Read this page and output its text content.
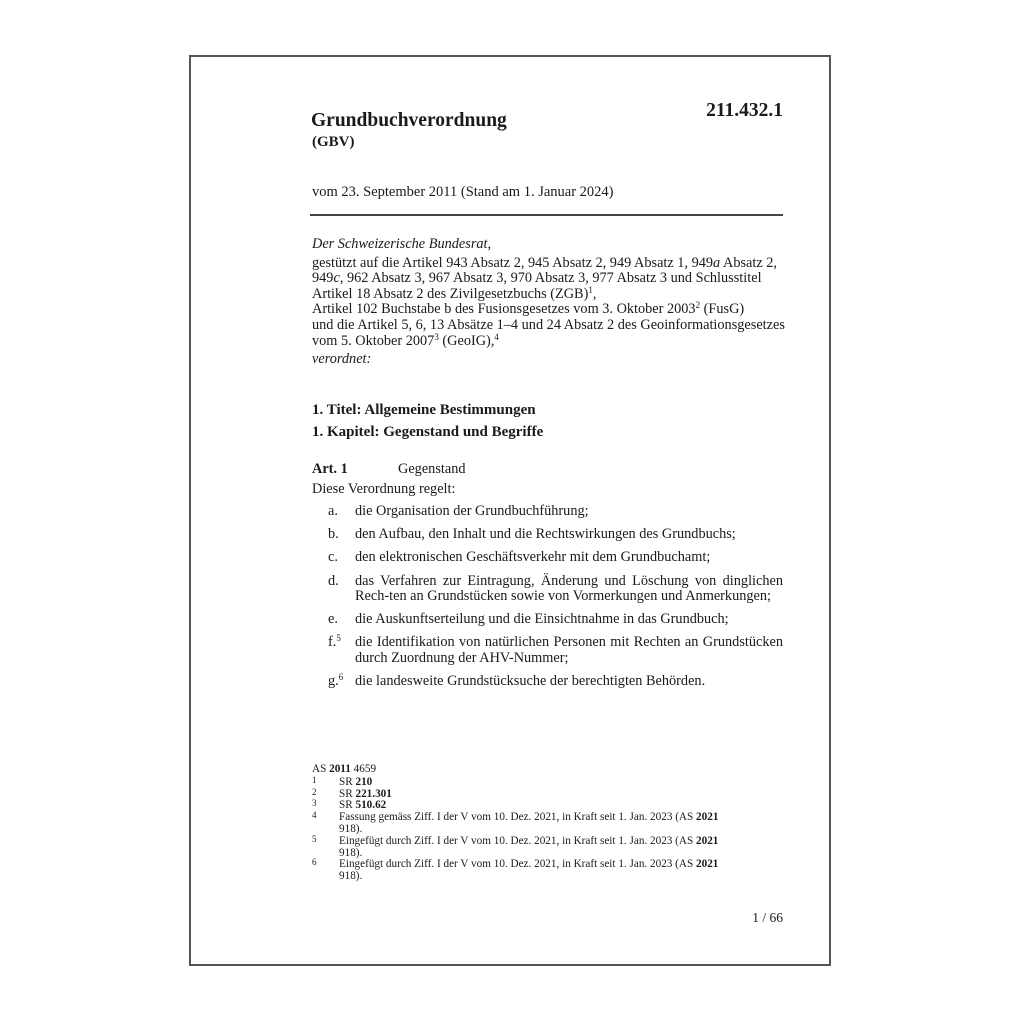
Grundbuchverordnung
(GBV)
211.432.1
vom 23. September 2011 (Stand am 1. Januar 2024)
Der Schweizerische Bundesrat,
gestützt auf die Artikel 943 Absatz 2, 945 Absatz 2, 949 Absatz 1, 949a Absatz 2,
949c, 962 Absatz 3, 967 Absatz 3, 970 Absatz 3, 977 Absatz 3 und Schlusstitel
Artikel 18 Absatz 2 des Zivilgesetzbuchs (ZGB)$^1$,
Artikel 102 Buchstabe b des Fusionsgesetzes vom 3. Oktober 2003$^2$ (FusG)
und die Artikel 5, 6, 13 Absätze 1–4 und 24 Absatz 2 des Geoinformationsgesetzes
vom 5. Oktober 2007$^3$ (GeoIG),$^4$
verordnet:
1. Titel: Allgemeine Bestimmungen
1. Kapitel: Gegenstand und Begriffe
Art. 1	Gegenstand
Diese Verordnung regelt:
a. die Organisation der Grundbuchführung;
b. den Aufbau, den Inhalt und die Rechtswirkungen des Grundbuchs;
c. den elektronischen Geschäftsverkehr mit dem Grundbuchamt;
d. das Verfahren zur Eintragung, Änderung und Löschung von dinglichen Rech-ten an Grundstücken sowie von Vormerkungen und Anmerkungen;
e. die Auskunftserteilung und die Einsichtnahme in das Grundbuch;
f.$^5$ die Identifikation von natürlichen Personen mit Rechten an Grundstücken durch Zuordnung der AHV-Nummer;
g.$^6$ die landesweite Grundstücksuche der berechtigten Behörden.
AS 2011 4659
1 SR 210
2 SR 221.301
3 SR 510.62
4 Fassung gemäss Ziff. I der V vom 10. Dez. 2021, in Kraft seit 1. Jan. 2023 (AS 2021 918).
5 Eingefügt durch Ziff. I der V vom 10. Dez. 2021, in Kraft seit 1. Jan. 2023 (AS 2021 918).
6 Eingefügt durch Ziff. I der V vom 10. Dez. 2021, in Kraft seit 1. Jan. 2023 (AS 2021 918).
1 / 66
